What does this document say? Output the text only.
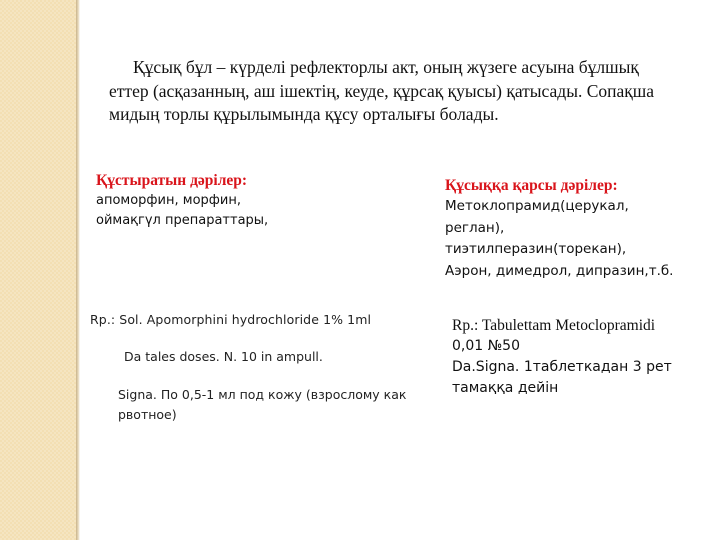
Құсық бұл – күрделі рефлекторлы акт, оның жүзеге асуына бұлшық еттер (асқазанның, аш ішектің, кеуде, құрсақ қуысы) қатысады. Сопақша мидың торлы құрылымында құсу орталығы болады.

Құстыратын дәрілер:
апоморфин, морфин,
оймақгүл препараттары,
Құсыққа қарсы дәрілер:
Метоклопрамид(церукал,
реглан),
тиэтилперазин(торекан),
Аэрон, димедрол, дипразин,т.б.
Rp.: Sol. Apomorphini hydrochloride 1% 1ml
Da tales doses. N. 10 in ampull.
Signa. По 0,5-1 мл под кожу (взрослому как рвотное)
Rp.: Tabulettam Metoclopramidi
0,01 №50
Da.Signa. 1таблеткадан 3 рет
тамаққа дейін
